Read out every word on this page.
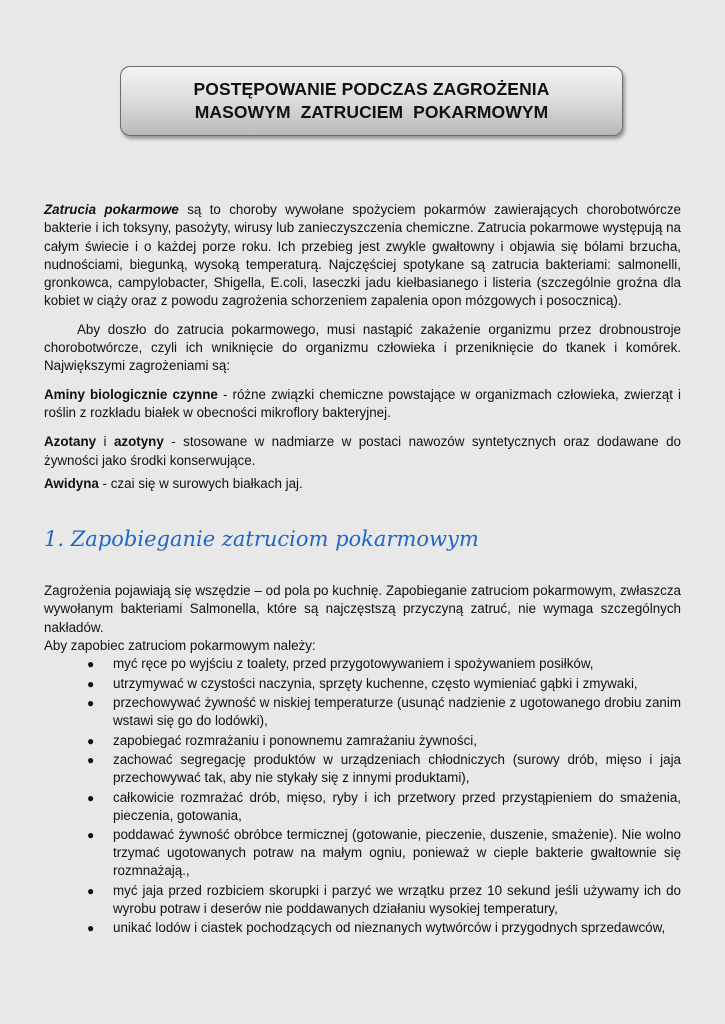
POSTĘPOWANIE PODCZAS ZAGROŻENIA
MASOWYM  ZATRUCIEM  POKARMOWYM

Zatrucia pokarmowe są to choroby wywołane spożyciem pokarmów zawierających chorobotwórcze bakterie i ich toksyny, pasożyty, wirusy lub zanieczyszczenia chemiczne. Zatrucia pokarmowe występują na całym świecie i o każdej porze roku. Ich przebieg jest zwykle gwałtowny i objawia się bólami brzucha, nudnościami, biegunką, wysoką temperaturą. Najczęściej spotykane są zatrucia bakteriami: salmonelli, gronkowca, campylobacter, Shigella, E.coli, laseczki jadu kiełbasianego i listeria (szczególnie groźna dla kobiet w ciąży oraz z powodu zagrożenia schorzeniem zapalenia opon mózgowych i posocznicą).

Aby doszło do zatrucia pokarmowego, musi nastąpić zakażenie organizmu przez drobnoustroje chorobotwórcze, czyli ich wniknięcie do organizmu człowieka i przeniknięcie do tkanek i komórek. Największymi zagrożeniami są:

Aminy biologicznie czynne - różne związki chemiczne powstające w organizmach człowieka, zwierząt i roślin z rozkładu białek w obecności mikroflory bakteryjnej.

Azotany i azotyny - stosowane w nadmiarze w postaci nawozów syntetycznych oraz dodawane do żywności jako środki konserwujące.

Awidyna - czai się w surowych białkach jaj.

1. Zapobieganie zatruciom pokarmowym

Zagrożenia pojawiają się wszędzie – od pola po kuchnię. Zapobieganie zatruciom pokarmowym, zwłaszcza wywołanym bakteriami Salmonella, które są najczęstszą przyczyną zatruć, nie wymaga szczególnych nakładów.

Aby zapobiec zatruciom pokarmowym należy:

● myć ręce po wyjściu z toalety, przed przygotowywaniem i spożywaniem posiłków,
● utrzymywać w czystości naczynia, sprzęty kuchenne, często wymieniać gąbki i zmywaki,
● przechowywać żywność w niskiej temperaturze (usunąć nadzienie z ugotowanego drobiu zanim wstawi się go do lodówki),
● zapobiegać rozmrażaniu i ponownemu zamrażaniu żywności,
● zachować segregację produktów w urządzeniach chłodniczych (surowy drób, mięso i jaja przechowywać tak, aby nie stykały się z innymi produktami),
● całkowicie rozmrażać drób, mięso, ryby i ich przetwory przed przystąpieniem do smażenia, pieczenia, gotowania,
● poddawać żywność obróbce termicznej (gotowanie, pieczenie, duszenie, smażenie). Nie wolno trzymać ugotowanych potraw na małym ogniu, ponieważ w cieple bakterie gwałtownie się rozmnażają.,
● myć jaja przed rozbiciem skorupki i parzyć we wrzątku przez 10 sekund jeśli używamy ich do wyrobu potraw i deserów nie poddawanych działaniu wysokiej temperatury,
● unikać lodów i ciastek pochodzących od nieznanych wytwórców i przygodnych sprzedawców,
